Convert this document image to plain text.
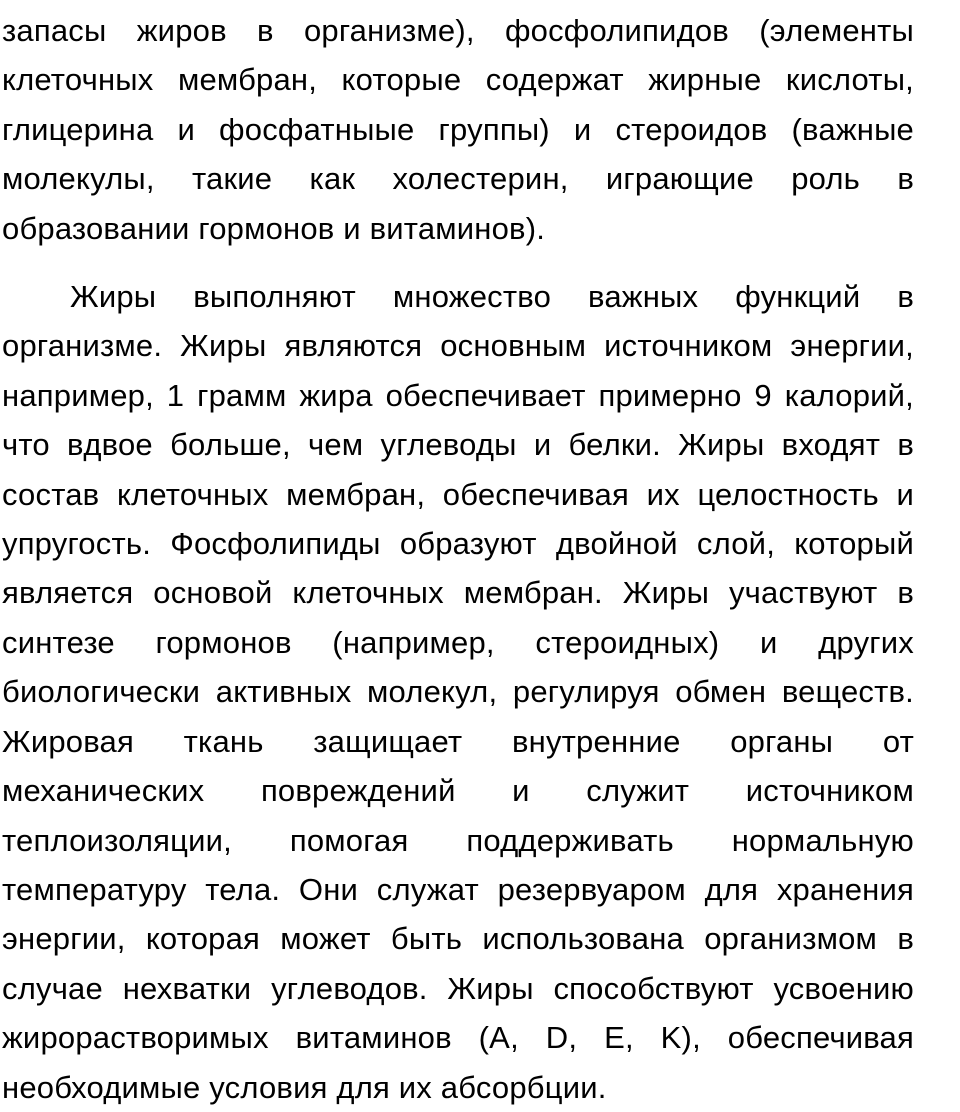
запасы жиров в организме), фосфолипидов (элементы клеточных мембран, которые содержат жирные кислоты, глицерина и фосфатныые группы) и стероидов (важные молекулы, такие как холестерин, играющие роль в образовании гормонов и витаминов).

Жиры выполняют множество важных функций в организме. Жиры являются основным источником энергии, например, 1 грамм жира обеспечивает примерно 9 калорий, что вдвое больше, чем углеводы и белки. Жиры входят в состав клеточных мембран, обеспечивая их целостность и упругость. Фосфолипиды образуют двойной слой, который является основой клеточных мембран. Жиры участвуют в синтезе гормонов (например, стероидных) и других биологически активных молекул, регулируя обмен веществ. Жировая ткань защищает внутренние органы от механических повреждений и служит источником теплоизоляции, помогая поддерживать нормальную температуру тела. Они служат резервуаром для хранения энергии, которая может быть использована организмом в случае нехватки углеводов. Жиры способствуют усвоению жирорастворимых витаминов (A, D, E, K), обеспечивая необходимые условия для их абсорбции.
